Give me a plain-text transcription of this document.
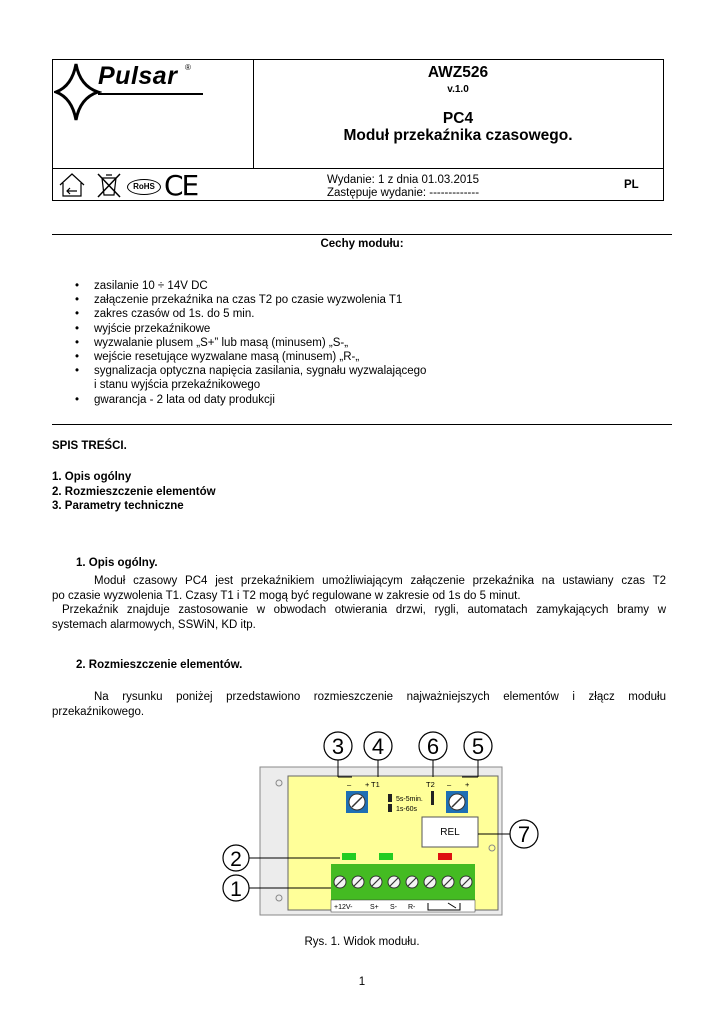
Pulsar ®	AWZ526
v.1.0
PC4
Moduł przekaźnika czasowego.
RoHS CE	Wydanie: 1 z dnia 01.03.2015
Zastępuje wydanie: -------------
PL
Cechy modułu:
• zasilanie 10 ÷ 14V DC
• załączenie przekaźnika na czas T2 po czasie wyzwolenia T1
• zakres czasów od 1s. do 5 min.
• wyjście przekaźnikowe
• wyzwalanie plusem „S+” lub masą (minusem) „S-„
• wejście resetujące wyzwalane masą (minusem) „R-„
• sygnalizacja optyczna napięcia zasilania, sygnału wyzwalającego
i stanu wyjścia przekaźnikowego
• gwarancja - 2 lata od daty produkcji
SPIS TREŚCI.
1. Opis ogólny
2. Rozmieszczenie elementów
3. Parametry techniczne
1. Opis ogólny.
Moduł czasowy PC4 jest przekaźnikiem umożliwiającym załączenie przekaźnika na ustawiany czas T2
po czasie wyzwolenia T1. Czasy T1 i T2 mogą być regulowane w zakresie od 1s do 5 minut.
Przekaźnik znajduje zastosowanie w obwodach otwierania drzwi, rygli, automatach zamykających bramy w
systemach alarmowych, SSWiN, KD itp.
2. Rozmieszczenie elementów.
Na rysunku poniżej przedstawiono rozmieszczenie najważniejszych elementów i złącz modułu
przekaźnikowego.
– + T1	T2 – +
5s-5min.
1s-60s
REL
+12V-	S+ S- R-
3 4 6 5
7
2
1
Rys. 1. Widok modułu.
1
